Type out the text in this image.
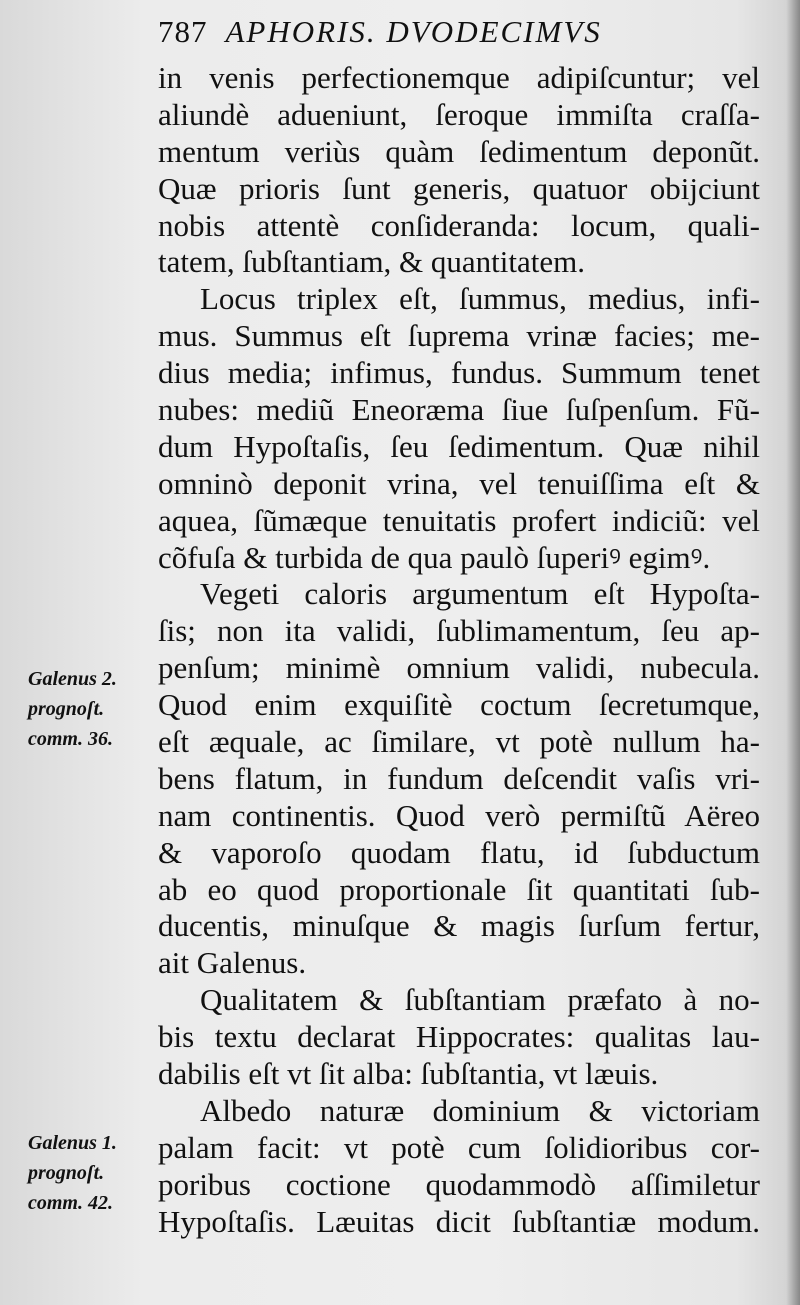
787 APHORIS. DVODECIMVS
in venis perfectionemque adipiſcuntur; vel
aliundè adueniunt, ſeroque immiſta craſſa-
mentum veriùs quàm ſedimentum deponũt.
Quæ prioris ſunt generis, quatuor obijciunt
nobis attentè conſideranda: locum, quali-
tatem, ſubſtantiam, & quantitatem.
Locus triplex eſt, ſummus, medius, infi-
mus. Summus eſt ſuprema vrinæ facies; me-
dius media; infimus, fundus. Summum tenet
nubes: mediũ Eneoræma ſiue ſuſpenſum. Fũ-
dum Hypoſtaſis, ſeu ſedimentum. Quæ nihil
omninò deponit vrina, vel tenuiſſima eſt &
aquea, ſũmæque tenuitatis profert indiciũ: vel
cõfuſa & turbida de qua paulò ſuperiꝰ egimꝰ.
Vegeti caloris argumentum eſt Hypoſta-
ſis; non ita validi, ſublimamentum, ſeu ap-
penſum; minimè omnium validi, nubecula.
Quod enim exquiſitè coctum ſecretumque,
eſt æquale, ac ſimilare, vt potè nullum ha-
bens flatum, in fundum deſcendit vaſis vri-
nam continentis. Quod verò permiſtũ Aëreo
& vaporoſo quodam flatu, id ſubductum
ab eo quod proportionale ſit quantitati ſub-
ducentis, minuſque & magis ſurſum fertur,
ait Galenus.
Qualitatem & ſubſtantiam præfato à no-
bis textu declarat Hippocrates: qualitas lau-
dabilis eſt vt ſit alba: ſubſtantia, vt læuis.
Albedo naturæ dominium & victoriam
palam facit: vt potè cum ſolidioribus cor-
poribus coctione quodammodò aſſimiletur
Hypoſtaſis. Læuitas dicit ſubſtantiæ modum.
Galenus 2.
prognoſt.
comm. 36.
Galenus 1.
prognoſt.
comm. 42.
